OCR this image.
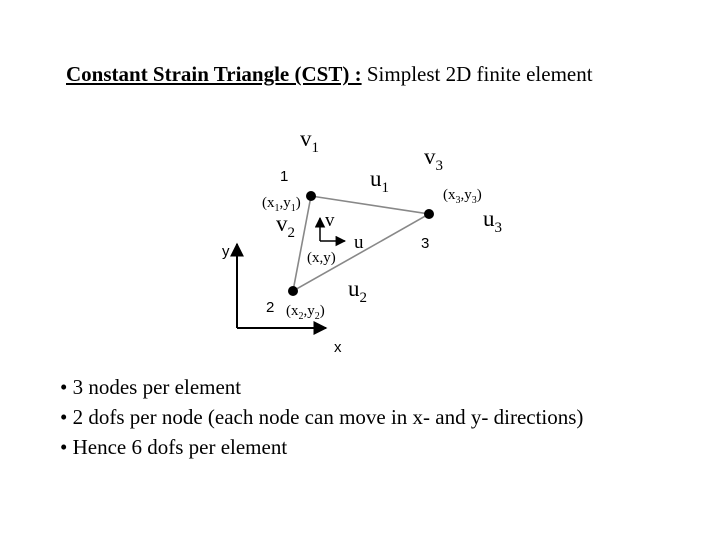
Constant Strain Triangle (CST) : Simplest 2D finite element
y
x
1
2
3
$(x_1,y_1)$
$(x_2,y_2)$
$(x_3,y_3)$
$v_1$
$u_1$
$v_2$
$u_2$
$v_3$
$u_3$
v
u
(x,y)
• 3 nodes per element
• 2 dofs per node (each node can move in x- and y- directions)
• Hence 6 dofs per element
